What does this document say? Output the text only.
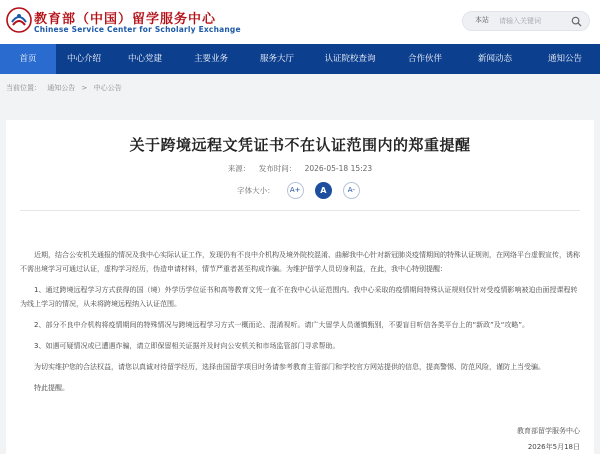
教育部（中国）留学服务中心
Chinese Service Center for Scholarly Exchange
本站
请输入关键词
首页	中心介绍	中心党建	主要业务	服务大厅	认证院校查询	合作伙伴	新闻动态	通知公告
当前位置： 通知公告 > 中心公告
关于跨境远程文凭证书不在认证范围内的郑重提醒
来源： 发布时间： 2026-05-18 15:23
字体大小： A+ A	A-

近期，结合公安机关通报的情况及我中心实际认证工作，发现仍有不良中介机构及境外院校混淆、曲解我中心针对新冠肺炎疫情期间的特殊认证规则，在网络平台虚假宣传，诱称不需出境学习可通过认证，虚构学习经历，伪造申请材料，情节严重者甚至构成诈骗。为维护留学人员切身利益，在此，我中心特别提醒：

1、通过跨境远程学习方式获得的国（境）外学历学位证书和高等教育文凭一直不在我中心认证范围内。我中心采取的疫情期间特殊认证规则仅针对受疫情影响被迫由面授课程转为线上学习的情况，从未将跨境远程纳入认证范围。

2、部分不良中介机构将疫情期间的特殊情况与跨境远程学习方式一概而论、混淆视听。请广大留学人员谨慎甄别，不要盲目听信各类平台上的“新政”及“攻略”。

3、如遇可疑情况或已遭遇诈骗，请立即保留相关证据并及时向公安机关和市场监管部门寻求帮助。

为切实维护您的合法权益，请您以真诚对待留学经历，选择由国留学项目时务请参考教育主管部门和学校官方网站提供的信息，提高警惕、防范风险，谨防上当受骗。

特此提醒。

教育部留学服务中心
2026年5月18日
